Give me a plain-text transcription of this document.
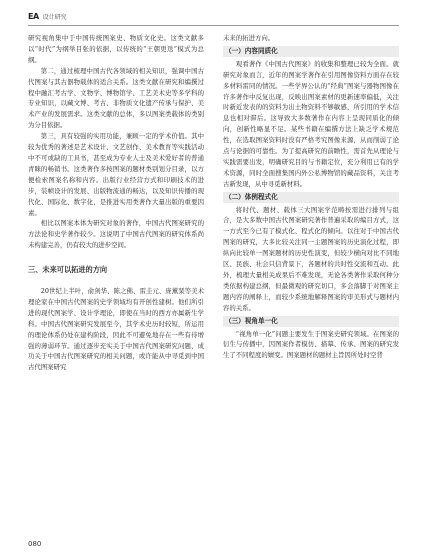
EA 设计研究

研究视角集中于中国传统图案史、物质文化史。这类文献多以“时代”为纲举目张的依据，以传统的“王朝更迭”模式为总纲。

第二，通过梳理中国古代各领域的相关知识，强调中国古代图案与其古器物载体的适合关系。这类文献在研究和编撰过程中融汇考古学、文物学、博物馆学、工艺美术史等多学科的专业知识，以藏文博、考古、非物质文化遗产传承与保护、美术产业的发展需求。这类文献的总体，多以图案类载体的类别为分目依据。

第三，具有较强的实用功能，兼顾一定的学术价值。其中较为优秀的著述是艺术设计、文艺创作、美术教育等实践活动中不可或缺的工具书，甚至成为专业人士及美术爱好者的普通青睐的畅销书。这类著作多按图案的题材类别划分目录，以方便检索图案名称和内容。出版行业经营方式和印刷技术的进步，装帧设计的发展、出版物流通的畅达，以及知识传播的现代化、国际化、数字化，是推进实用类著作大量出版的重要因素。

相比以图案本体为研究对象的著作，中国古代图案研究的方法论和史学著作较少。这说明了中国古代图案的研究体系尚未构建完善，仍有较大的进步空间。

三、未来可以拓进的方向

20世纪上半叶，俞剑华、陈之佛、雷圭元、庞薰琹等美术理论家在中国古代图案的史学领域均有开创性建树。他们所引进的现代图案学、设计学理论，即使在当时的西方亦属新生学科。中国古代图案研究发展至今，其学术史历时较短，所运用的理论体系仍处在建构阶段，因此不可避免地存在一些有待增强的薄弱环节。通过逐步充实关于中国古代图案研究问题、成功关于中国古代图案研究的相关问题，或许能从中寻觅到中国古代图案研究

未来的拓进方向。

（一）内容同质化

观看著作《中国古代图案》的收集和整理已较为全面。就研究对象而言，近年的图案学著作在引用图像资料方面存在较多材料雷同的情况。一些学界公认的“经典”图案与器物图像在许多著作中反复出现，反映出图案素材的更新速率偏低，关注时新近发表的的资料为出土物资料不够敏感，所引用的学术信息也相对滞后。这导致大多数著作在内容上呈现同质化的倾向，创新性略显不足。某些书籍在编撰方法上缺乏学术规范性，在选取图案资料时没有严格考究图像来源，从而削弱了论点与论据的可靠性。为了提高研究的前瞻性，需首先从理论与实践需要出发，明确研究目的与书籍定位，充分利用已有的学术资源，同时全面搜集国内外公私博物馆的藏品资料，关注考古新发现，从中寻觅新材料。

（二）体例程式化

将时代、题材、载体三大图案学范畴按需进行排列与组合，是大多数中国古代图案研究著作普遍采取的编目方式，这一方式至今已有了模式化、程式化的倾向。以往对于中国古代图案的研究，大多比较关注同一主题图案的历史演化过程，即纵向比较单一图案题材的历史性演变，但较少横向对比不同地区、民族、社会只信背景下，各题材的共时性交流和互动。此外，梳理大量相关成果后不难发现，无论各类著作采取何种分类依据构建总纲，但最微观的研究切口，多会落脚于对图案主题内容的阐释上，而较少系统地解释图案的审美形式与题材内容的关系。

（三）视角单一化

“视角单一化”问题主要发生于图案史研究领域。在图案的衍生与传播中，因图案作者模仿、描摹、传承、图案的研究发生了不同程度的嬗变。图案题材的题材主旨因所处时空背

080
